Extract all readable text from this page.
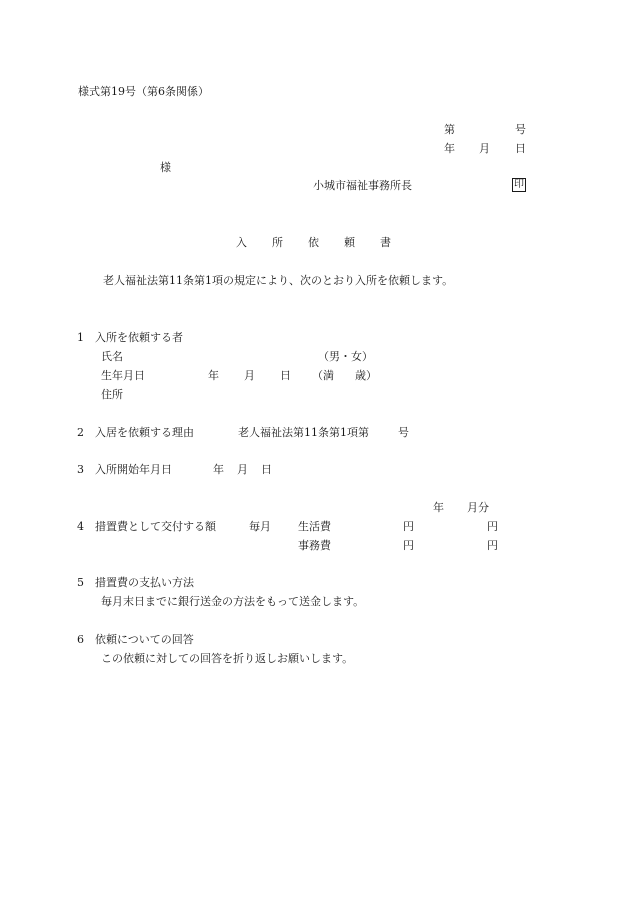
様式第19号（第6条関係）
第	号
年 月 日
様
小城市福祉事務所長	印
入 所 依 頼 書
老人福祉法第11条第1項の規定により、次のとおり入所を依頼します。
1 入所を依頼する者
氏名	（男・女）
生年月日	年 月 日 （満 歳）
住所
2 入居を依頼する理由	老人福祉法第11条第1項第	号
3 入所開始年月日	年 月 日
年 月分
4 措置費として交付する額	毎月 生活費	円	円
事務費	円	円
5 措置費の支払い方法
毎月末日までに銀行送金の方法をもって送金します。
6 依頼についての回答
この依頼に対しての回答を折り返しお願いします。
